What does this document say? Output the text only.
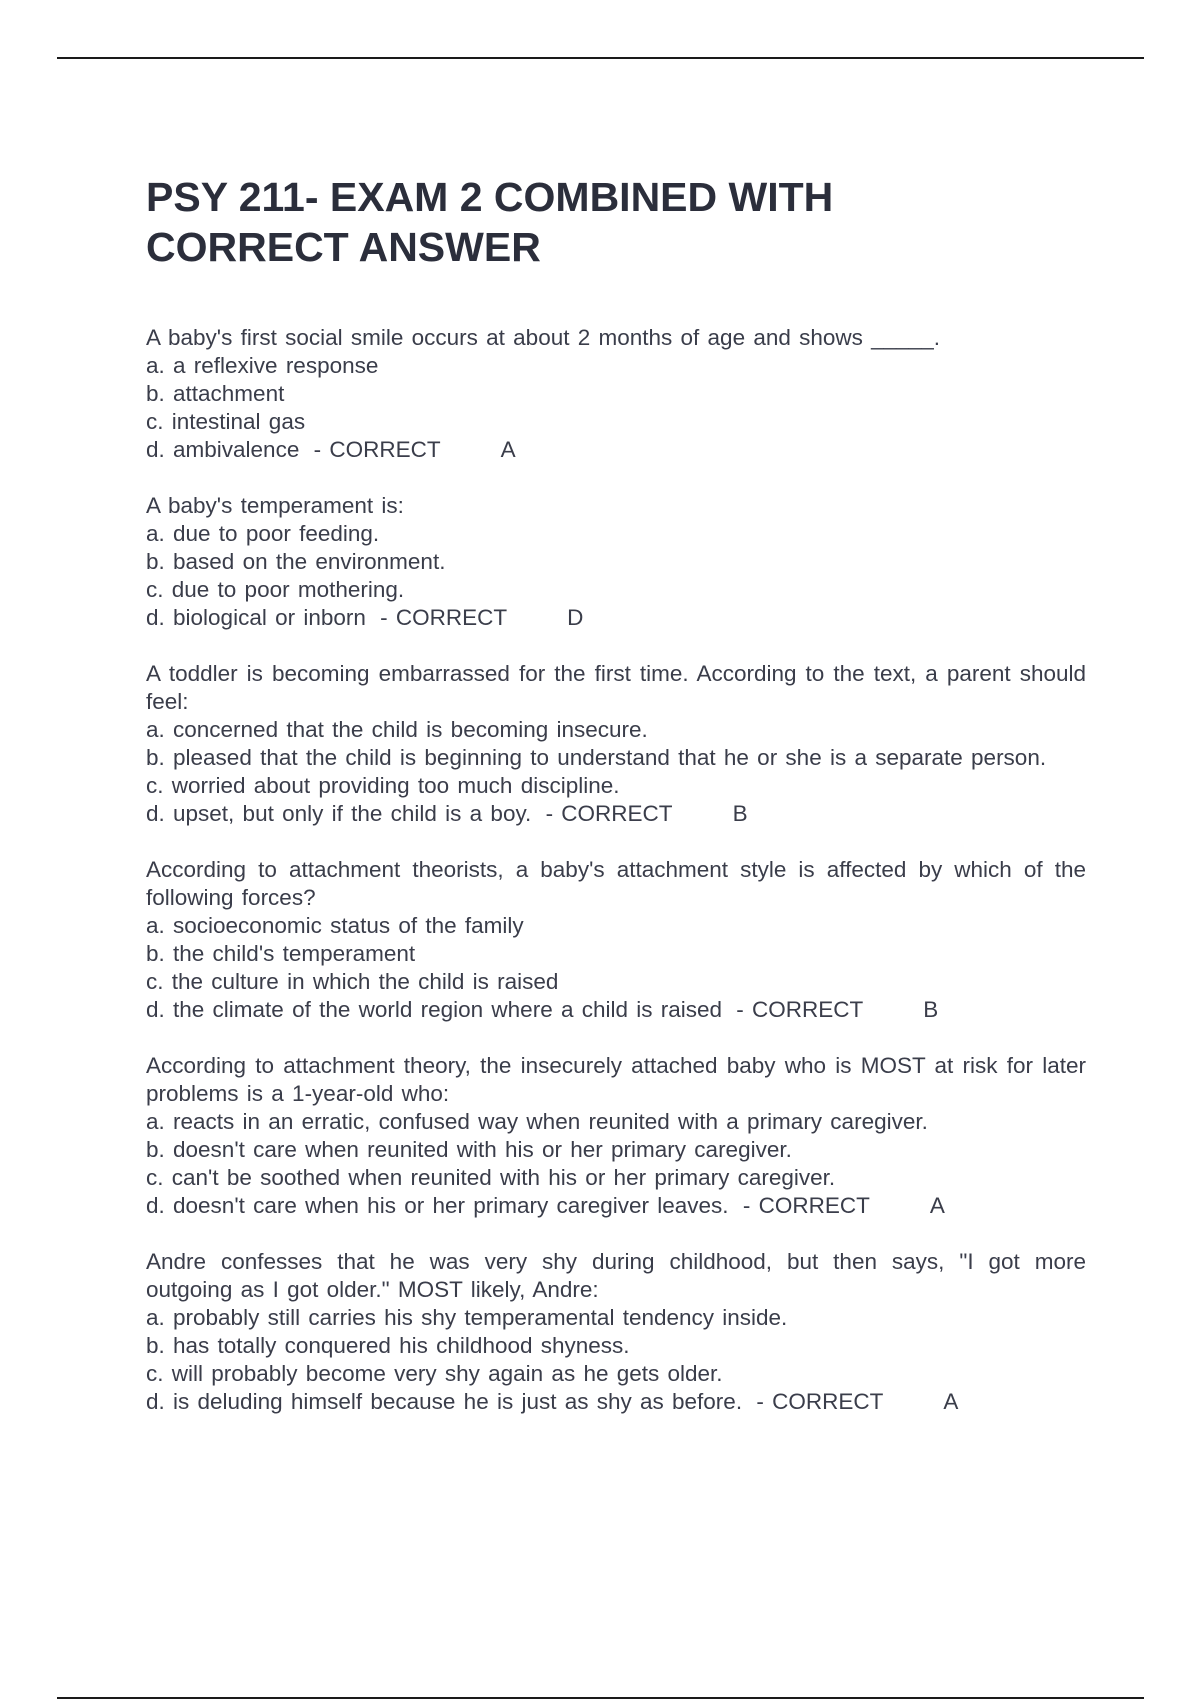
PSY 211- EXAM 2 COMBINED WITH
CORRECT ANSWER
A baby's first social smile occurs at about 2 months of age and shows _____.
a. a reflexive response
b. attachment
c. intestinal gas
d. ambivalence - CORRECT	A
A baby's temperament is:
a. due to poor feeding.
b. based on the environment.
c. due to poor mothering.
d. biological or inborn - CORRECT	D
A toddler is becoming embarrassed for the first time. According to the text, a parent should feel:
a. concerned that the child is becoming insecure.
b. pleased that the child is beginning to understand that he or she is a separate person.
c. worried about providing too much discipline.
d. upset, but only if the child is a boy. - CORRECT	B
According to attachment theorists, a baby's attachment style is affected by which of the following forces?
a. socioeconomic status of the family
b. the child's temperament
c. the culture in which the child is raised
d. the climate of the world region where a child is raised - CORRECT	B
According to attachment theory, the insecurely attached baby who is MOST at risk for later problems is a 1-year-old who:
a. reacts in an erratic, confused way when reunited with a primary caregiver.
b. doesn't care when reunited with his or her primary caregiver.
c. can't be soothed when reunited with his or her primary caregiver.
d. doesn't care when his or her primary caregiver leaves. - CORRECT	A
Andre confesses that he was very shy during childhood, but then says, "I got more outgoing as I got older." MOST likely, Andre:
a. probably still carries his shy temperamental tendency inside.
b. has totally conquered his childhood shyness.
c. will probably become very shy again as he gets older.
d. is deluding himself because he is just as shy as before. - CORRECT	A
